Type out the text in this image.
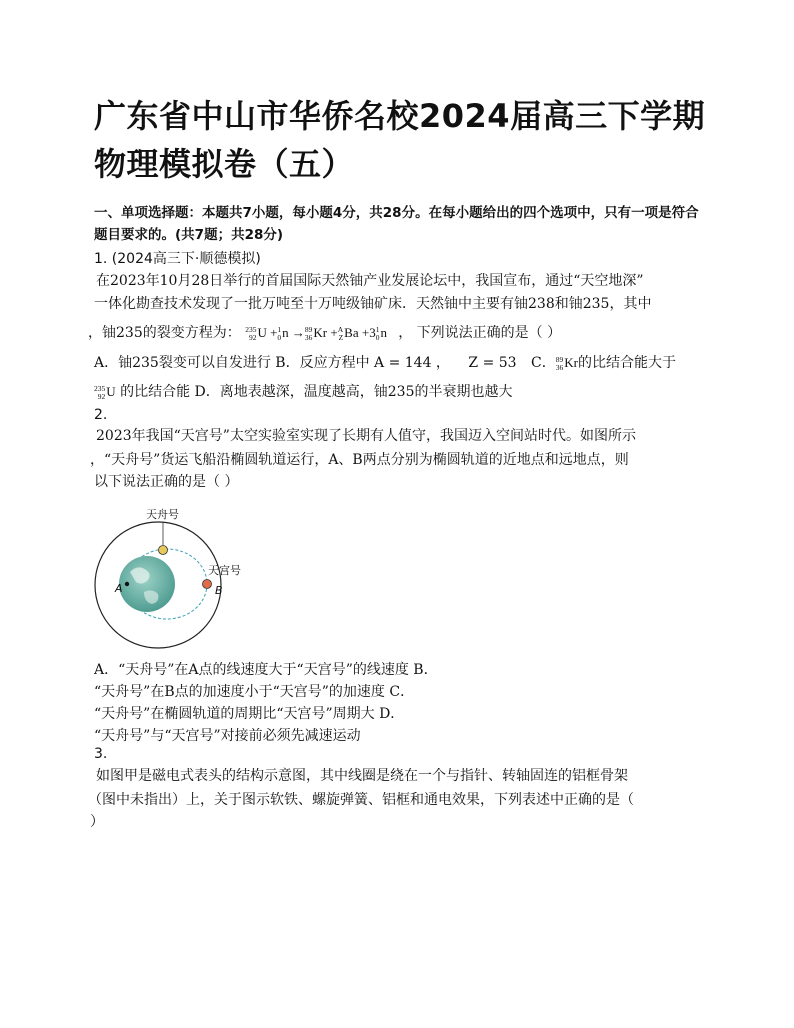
广东省中山市华侨名校2024届高三下学期物理模拟卷（五）
一、单项选择题：本题共7小题，每小题4分，共28分。在每小题给出的四个选项中，只有一项是符合题目要求的。(共7题；共28分)
1. (2024高三下·顺德模拟)
在2023年10月28日举行的首届国际天然铀产业发展论坛中，我国宣布，通过“天空地深”
一体化勘查技术发现了一批万吨至十万吨级铀矿床．天然铀中主要有铀238和铀235，其中
，铀235的裂变方程为： 235
92 U + 1
0 n → 89
36 Kr + A
Z Ba +3 1
0 n ， 下列说法正确的是（ ）
A．铀235裂变可以自发进行 B．反应方程中 A = 144 ， Z = 53 C． 89
36 Kr的比结合能大于
235
92 U 的比结合能 D．离地表越深，温度越高，铀235的半衰期也越大
2.
2023年我国“天宫号”太空实验室实现了长期有人值守，我国迈入空间站时代。如图所示
，“天舟号”货运飞船沿椭圆轨道运行，A、B两点分别为椭圆轨道的近地点和远地点，则
以下说法正确的是（ ）
天舟号
天宫号
A	B
A．“天舟号”在A点的线速度大于“天宫号”的线速度 B．
“天舟号”在B点的加速度小于“天宫号”的加速度 C．
“天舟号”在椭圆轨道的周期比“天宫号”周期大 D．
“天舟号”与“天宫号”对接前必须先减速运动
3.
如图甲是磁电式表头的结构示意图，其中线圈是绕在一个与指针、转轴固连的铝框骨架
（图中未指出）上，关于图示软铁、螺旋弹簧、铝框和通电效果，下列表述中正确的是（
）
